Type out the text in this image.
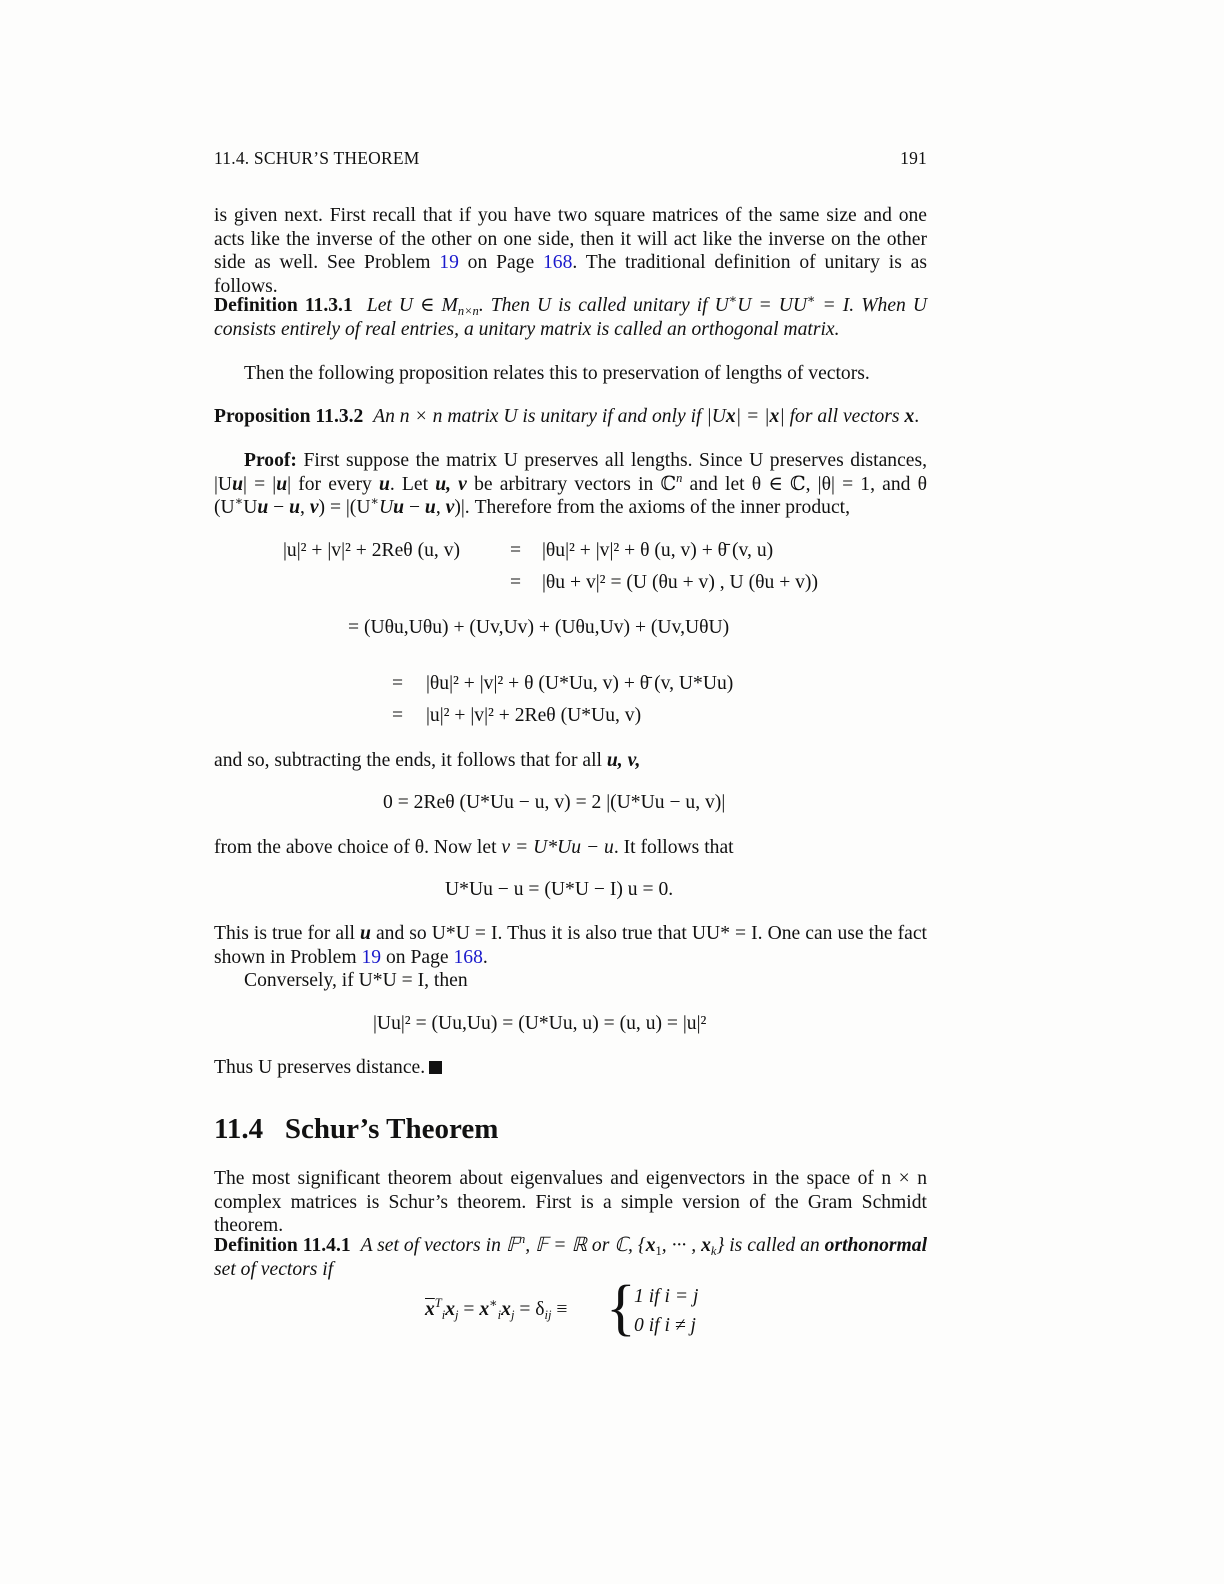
11.4. SCHUR’S THEOREM	191
is given next. First recall that if you have two square matrices of the same size and one acts like the inverse of the other on one side, then it will act like the inverse on the other side as well. See Problem 19 on Page 168. The traditional definition of unitary is as follows.
Definition 11.3.1 Let U ∈ $M_{n\times n}$. Then U is called unitary if U∗U = UU∗ = I. When U consists entirely of real entries, a unitary matrix is called an orthogonal matrix.
Then the following proposition relates this to preservation of lengths of vectors.
Proposition 11.3.2 An n × n matrix U is unitary if and only if |Ux| = |x| for all vectors x.
Proof: First suppose the matrix U preserves all lengths. Since U preserves distances, |Uu| = |u| for every u. Let u, v be arbitrary vectors in ℂ$^n$ and let θ ∈ ℂ, |θ| = 1, and θ (U∗Uu − u, v) = |(U∗Uu − u, v)|. Therefore from the axioms of the inner product,
|u|² + |v|² + 2Reθ (u, v)	= |θu|² + |v|² + θ (u, v) + θ̄ (v, u)
= |θu + v|² = (U (θu + v) , U (θu + v))
= (Uθu,Uθu) + (Uv,Uv) + (Uθu,Uv) + (Uv,UθU)
= |θu|² + |v|² + θ (U*Uu, v) + θ̄ (v, U*Uu)
= |u|² + |v|² + 2Reθ (U*Uu, v)
and so, subtracting the ends, it follows that for all u, v,
0 = 2Reθ (U*Uu − u, v) = 2 |(U*Uu − u, v)|
from the above choice of θ. Now let v = U*Uu − u. It follows that
U*Uu − u = (U*U − I) u = 0.
This is true for all u and so U*U = I. Thus it is also true that UU* = I. One can use the fact shown in Problem 19 on Page 168.
Conversely, if U*U = I, then
|Uu|² = (Uu,Uu) = (U*Uu, u) = (u, u) = |u|²
Thus U preserves distance.
11.4 Schur’s Theorem
The most significant theorem about eigenvalues and eigenvectors in the space of n × n complex matrices is Schur’s theorem. First is a simple version of the Gram Schmidt theorem.
Definition 11.4.1 A set of vectors in 𝔽$^n$, 𝔽 = ℝ or ℂ, {$x_1$, ··· , $x_k$} is called an orthonormal set of vectors if
$\overline{x}^T_ix_j = x^∗_ix_j = \delta_{ij}$ ≡ {
1 if i = j
0 if i ≠ j
